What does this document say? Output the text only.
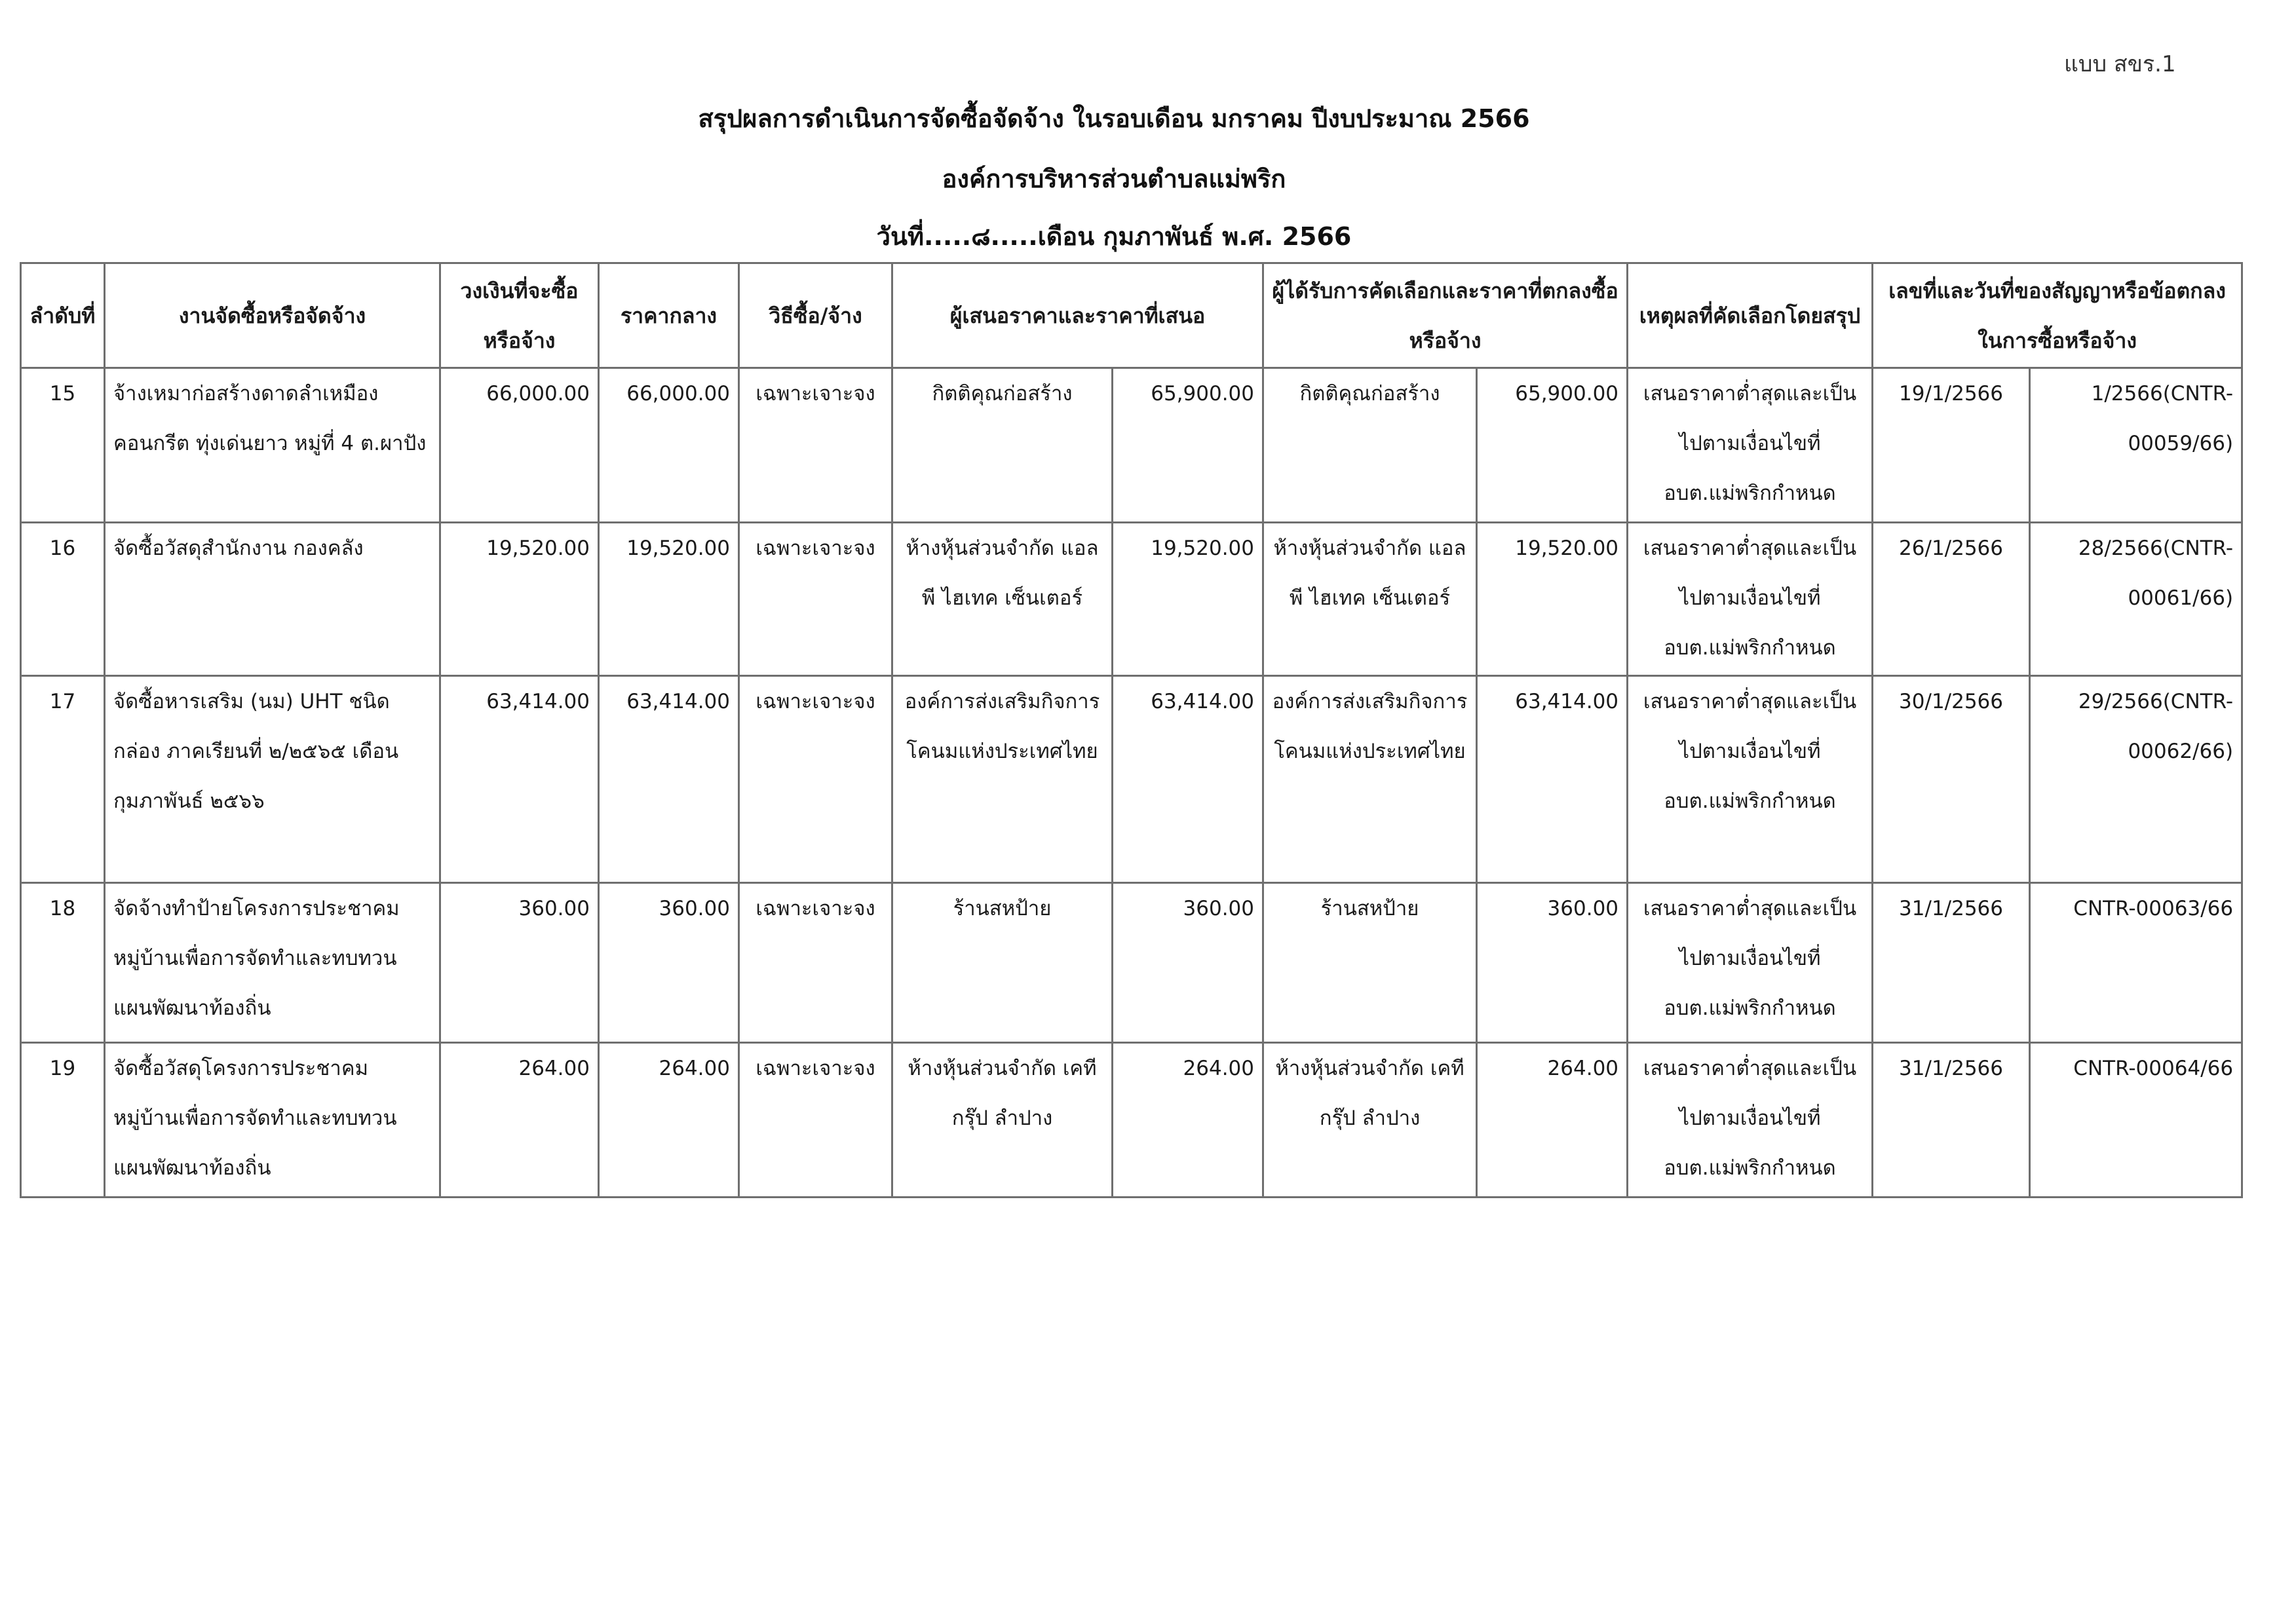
แบบ สขร.1
สรุปผลการดำเนินการจัดซื้อจัดจ้าง ในรอบเดือน มกราคม ปีงบประมาณ 2566
องค์การบริหารส่วนตำบลแม่พริก
วันที่.....๘.....เดือน กุมภาพันธ์ พ.ศ. 2566
ลำดับที่	งานจัดซื้อหรือจัดจ้าง	วงเงินที่จะซื้อหรือจ้าง	ราคากลาง	วิธีซื้อ/จ้าง	ผู้เสนอราคาและราคาที่เสนอ		ผู้ได้รับการคัดเลือกและราคาที่ตกลงซื้อหรือจ้าง		เหตุผลที่คัดเลือกโดยสรุป	เลขที่และวันที่ของสัญญาหรือข้อตกลงในการซื้อหรือจ้าง	
15	จ้างเหมาก่อสร้างดาดลำเหมืองคอนกรีต ทุ่งเด่นยาว หมู่ที่ 4 ต.ผาปัง	66,000.00	66,000.00	เฉพาะเจาะจง	กิตติคุณก่อสร้าง	65,900.00	กิตติคุณก่อสร้าง	65,900.00	เสนอราคาต่ำสุดและเป็นไปตามเงื่อนไขที่ อบต.แม่พริกกำหนด	19/1/2566	1/2566(CNTR-00059/66)
16	จัดซื้อวัสดุสำนักงาน กองคลัง	19,520.00	19,520.00	เฉพาะเจาะจง	ห้างหุ้นส่วนจำกัด แอล พี ไฮเทค เซ็นเตอร์	19,520.00	ห้างหุ้นส่วนจำกัด แอล พี ไฮเทค เซ็นเตอร์	19,520.00	เสนอราคาต่ำสุดและเป็นไปตามเงื่อนไขที่ อบต.แม่พริกกำหนด	26/1/2566	28/2566(CNTR-00061/66)
17	จัดซื้อหารเสริม (นม) UHT ชนิดกล่อง ภาคเรียนที่ ๒/๒๕๖๕ เดือน กุมภาพันธ์ ๒๕๖๖	63,414.00	63,414.00	เฉพาะเจาะจง	องค์การส่งเสริมกิจการโคนมแห่งประเทศไทย	63,414.00	องค์การส่งเสริมกิจการโคนมแห่งประเทศไทย	63,414.00	เสนอราคาต่ำสุดและเป็นไปตามเงื่อนไขที่ อบต.แม่พริกกำหนด	30/1/2566	29/2566(CNTR-00062/66)
18	จัดจ้างทำป้ายโครงการประชาคมหมู่บ้านเพื่อการจัดทำและทบทวนแผนพัฒนาท้องถิ่น	360.00	360.00	เฉพาะเจาะจง	ร้านสหป้าย	360.00	ร้านสหป้าย	360.00	เสนอราคาต่ำสุดและเป็นไปตามเงื่อนไขที่ อบต.แม่พริกกำหนด	31/1/2566	CNTR-00063/66
19	จัดซื้อวัสดุโครงการประชาคมหมู่บ้านเพื่อการจัดทำและทบทวนแผนพัฒนาท้องถิ่น	264.00	264.00	เฉพาะเจาะจง	ห้างหุ้นส่วนจำกัด เคที กรุ๊ป ลำปาง	264.00	ห้างหุ้นส่วนจำกัด เคที กรุ๊ป ลำปาง	264.00	เสนอราคาต่ำสุดและเป็นไปตามเงื่อนไขที่ อบต.แม่พริกกำหนด	31/1/2566	CNTR-00064/66
